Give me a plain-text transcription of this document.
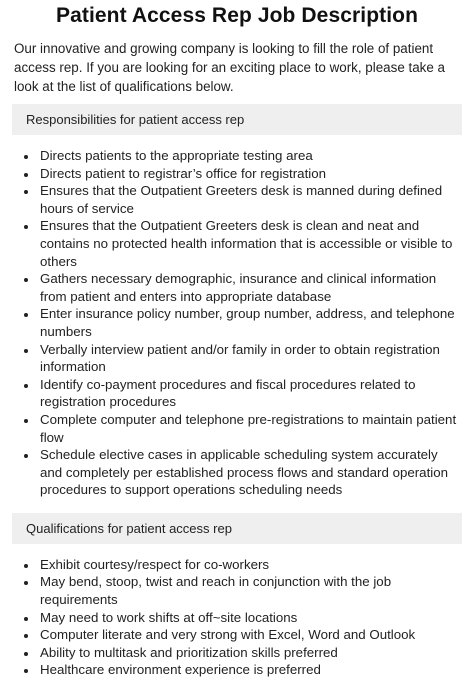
Patient Access Rep Job Description

Our innovative and growing company is looking to fill the role of patient access rep. If you are looking for an exciting place to work, please take a look at the list of qualifications below.

Responsibilities for patient access rep
• Directs patients to the appropriate testing area
• Directs patient to registrar’s office for registration
• Ensures that the Outpatient Greeters desk is manned during defined hours of service
• Ensures that the Outpatient Greeters desk is clean and neat and contains no protected health information that is accessible or visible to others
• Gathers necessary demographic, insurance and clinical information from patient and enters into appropriate database
• Enter insurance policy number, group number, address, and telephone numbers
• Verbally interview patient and/or family in order to obtain registration information
• Identify co-payment procedures and fiscal procedures related to registration procedures
• Complete computer and telephone pre-registrations to maintain patient flow
• Schedule elective cases in applicable scheduling system accurately and completely per established process flows and standard operation procedures to support operations scheduling needs
Qualifications for patient access rep
• Exhibit courtesy/respect for co-workers
• May bend, stoop, twist and reach in conjunction with the job requirements
• May need to work shifts at off~site locations
• Computer literate and very strong with Excel, Word and Outlook
• Ability to multitask and prioritization skills preferred
• Healthcare environment experience is preferred
